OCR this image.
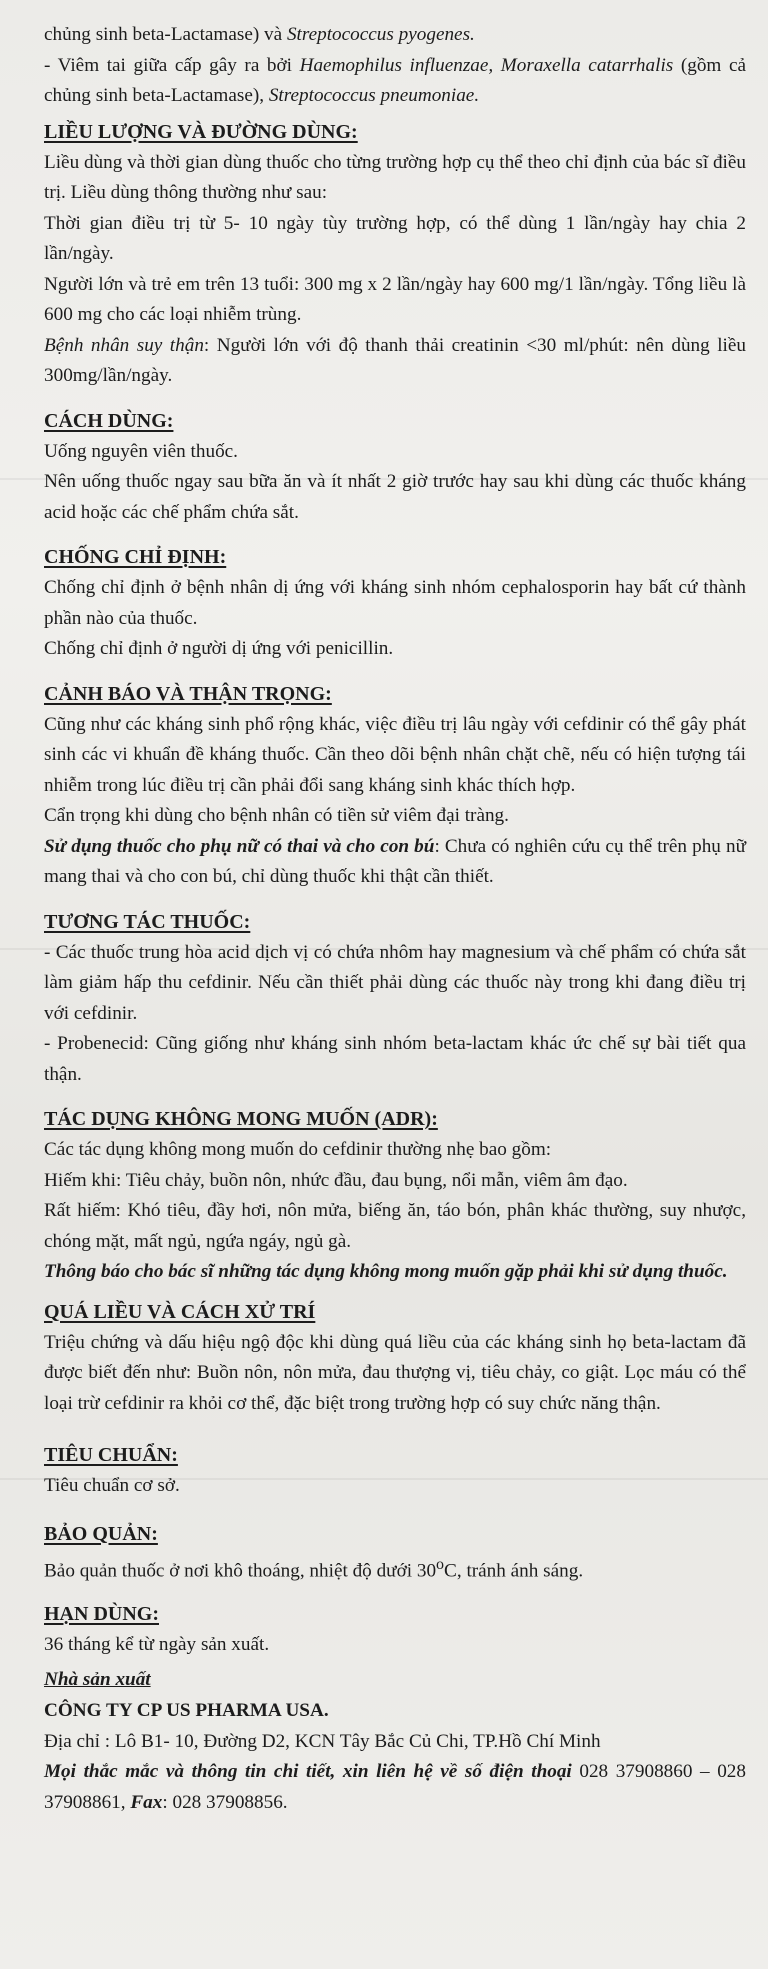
chủng sinh beta-Lactamase) và Streptococcus pyogenes.

- Viêm tai giữa cấp gây ra bởi Haemophilus influenzae, Moraxella catarrhalis (gồm cả chủng sinh beta-Lactamase), Streptococcus pneumoniae.

LIỀU LƯỢNG VÀ ĐƯỜNG DÙNG:

Liều dùng và thời gian dùng thuốc cho từng trường hợp cụ thể theo chỉ định của bác sĩ điều trị. Liều dùng thông thường như sau:

Thời gian điều trị từ 5- 10 ngày tùy trường hợp, có thể dùng 1 lần/ngày hay chia 2 lần/ngày.

Người lớn và trẻ em trên 13 tuổi: 300 mg x 2 lần/ngày hay 600 mg/1 lần/ngày. Tổng liều là 600 mg cho các loại nhiễm trùng.

Bệnh nhân suy thận: Người lớn với độ thanh thải creatinin <30 ml/phút: nên dùng liều 300mg/lần/ngày.

CÁCH DÙNG:

Uống nguyên viên thuốc.

Nên uống thuốc ngay sau bữa ăn và ít nhất 2 giờ trước hay sau khi dùng các thuốc kháng acid hoặc các chế phẩm chứa sắt.

CHỐNG CHỈ ĐỊNH:

Chống chỉ định ở bệnh nhân dị ứng với kháng sinh nhóm cephalosporin hay bất cứ thành phần nào của thuốc.

Chống chỉ định ở người dị ứng với penicillin.

CẢNH BÁO VÀ THẬN TRỌNG:

Cũng như các kháng sinh phổ rộng khác, việc điều trị lâu ngày với cefdinir có thể gây phát sinh các vi khuẩn đề kháng thuốc. Cần theo dõi bệnh nhân chặt chẽ, nếu có hiện tượng tái nhiễm trong lúc điều trị cần phải đổi sang kháng sinh khác thích hợp.

Cẩn trọng khi dùng cho bệnh nhân có tiền sử viêm đại tràng.

Sử dụng thuốc cho phụ nữ có thai và cho con bú: Chưa có nghiên cứu cụ thể trên phụ nữ mang thai và cho con bú, chỉ dùng thuốc khi thật cần thiết.

TƯƠNG TÁC THUỐC:

- Các thuốc trung hòa acid dịch vị có chứa nhôm hay magnesium và chế phẩm có chứa sắt làm giảm hấp thu cefdinir. Nếu cần thiết phải dùng các thuốc này trong khi đang điều trị với cefdinir.

- Probenecid: Cũng giống như kháng sinh nhóm beta-lactam khác ức chế sự bài tiết qua thận.

TÁC DỤNG KHÔNG MONG MUỐN (ADR):

Các tác dụng không mong muốn do cefdinir thường nhẹ bao gồm:

Hiếm khi: Tiêu chảy, buồn nôn, nhức đầu, đau bụng, nổi mẫn, viêm âm đạo.

Rất hiếm: Khó tiêu, đầy hơi, nôn mửa, biếng ăn, táo bón, phân khác thường, suy nhược, chóng mặt, mất ngủ, ngứa ngáy, ngủ gà.

Thông báo cho bác sĩ những tác dụng không mong muốn gặp phải khi sử dụng thuốc.

QUÁ LIỀU VÀ CÁCH XỬ TRÍ

Triệu chứng và dấu hiệu ngộ độc khi dùng quá liều của các kháng sinh họ beta-lactam đã được biết đến như: Buồn nôn, nôn mửa, đau thượng vị, tiêu chảy, co giật. Lọc máu có thể loại trừ cefdinir ra khỏi cơ thể, đặc biệt trong trường hợp có suy chức năng thận.

TIÊU CHUẨN:

Tiêu chuẩn cơ sở.

BẢO QUẢN:

Bảo quản thuốc ở nơi khô thoáng, nhiệt độ dưới 30$^o$C, tránh ánh sáng.

HẠN DÙNG:

36 tháng kể từ ngày sản xuất.

Nhà sản xuất

CÔNG TY CP US PHARMA USA.

Địa chỉ : Lô B1- 10, Đường D2, KCN Tây Bắc Củ Chi, TP.Hồ Chí Minh

Mọi thắc mắc và thông tin chi tiết, xin liên hệ về số điện thoại 028 37908860 – 028 37908861, Fax: 028 37908856.
